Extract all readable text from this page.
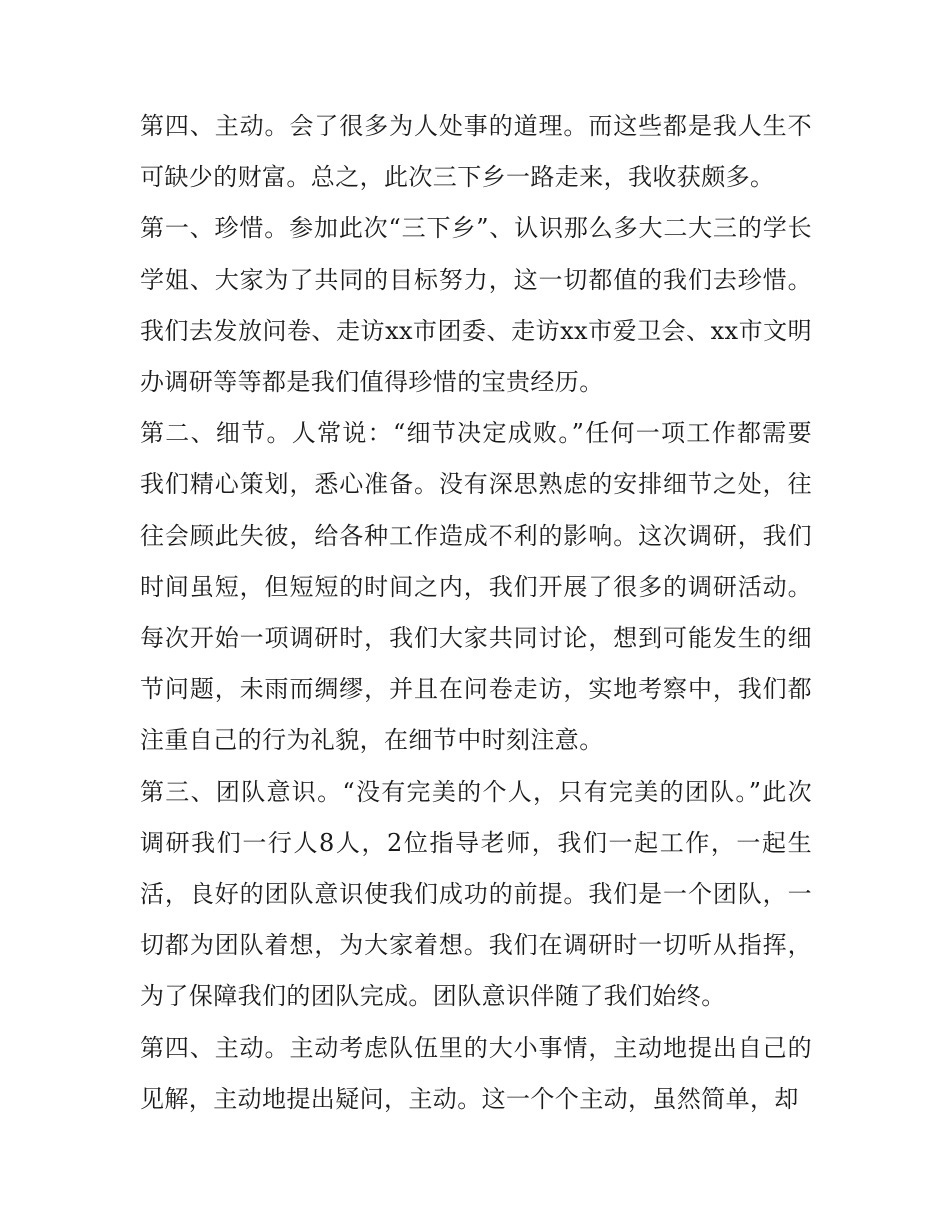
第四、主动。会了很多为人处事的道理。而这些都是我人生不可缺少的财富。总之，此次三下乡一路走来，我收获颇多。

第一、珍惜。参加此次“三下乡”、认识那么多大二大三的学长学姐、大家为了共同的目标努力，这一切都值的我们去珍惜。我们去发放问卷、走访xx市团委、走访xx市爱卫会、xx市文明办调研等等都是我们值得珍惜的宝贵经历。

第二、细节。人常说：“细节决定成败。”任何一项工作都需要我们精心策划，悉心准备。没有深思熟虑的安排细节之处，往往会顾此失彼，给各种工作造成不利的影响。这次调研，我们时间虽短，但短短的时间之内，我们开展了很多的调研活动。每次开始一项调研时，我们大家共同讨论，想到可能发生的细节问题，未雨而绸缪，并且在问卷走访，实地考察中，我们都注重自己的行为礼貌，在细节中时刻注意。

第三、团队意识。“没有完美的个人，只有完美的团队。”此次调研我们一行人8人，2位指导老师，我们一起工作，一起生活，良好的团队意识使我们成功的前提。我们是一个团队，一切都为团队着想，为大家着想。我们在调研时一切听从指挥，为了保障我们的团队完成。团队意识伴随了我们始终。

第四、主动。主动考虑队伍里的大小事情，主动地提出自己的见解，主动地提出疑问，主动。这一个个主动，虽然简单，却
